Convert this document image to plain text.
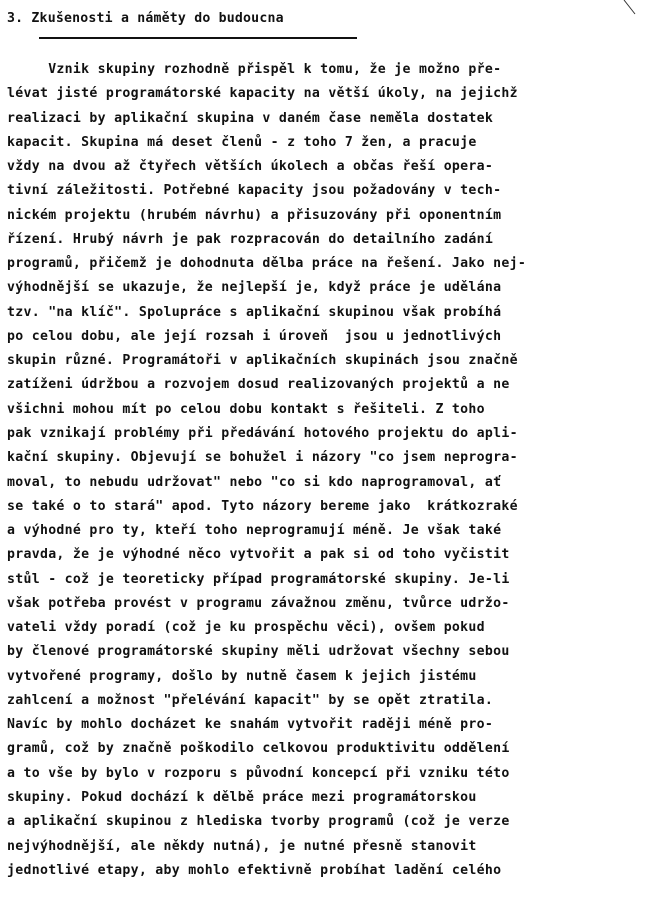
3. Zkušenosti a náměty do budoucna

Vznik skupiny rozhodně přispěl k tomu, že je možno pře-
lévat jisté programátorské kapacity na větší úkoly, na jejichž
realizaci by aplikační skupina v daném čase neměla dostatek
kapacit. Skupina má deset členů - z toho 7 žen, a pracuje
vždy na dvou až čtyřech větších úkolech a občas řeší opera-
tivní záležitosti. Potřebné kapacity jsou požadovány v tech-
nickém projektu (hrubém návrhu) a přisuzovány při oponentním
řízení. Hrubý návrh je pak rozpracován do detailního zadání
programů, přičemž je dohodnuta dělba práce na řešení. Jako nej-
výhodnější se ukazuje, že nejlepší je, když práce je udělána
tzv. "na klíč". Spolupráce s aplikační skupinou však probíhá
po celou dobu, ale její rozsah i úroveň  jsou u jednotlivých
skupin různé. Programátoři v aplikačních skupinách jsou značně
zatíženi údržbou a rozvojem dosud realizovaných projektů a ne
všichni mohou mít po celou dobu kontakt s řešiteli. Z toho
pak vznikají problémy při předávání hotového projektu do apli-
kační skupiny. Objevují se bohužel i názory "co jsem neprogra-
moval, to nebudu udržovat" nebo "co si kdo naprogramoval, ať
se také o to stará" apod. Tyto názory bereme jako  krátkozraké
a výhodné pro ty, kteří toho neprogramují méně. Je však také
pravda, že je výhodné něco vytvořit a pak si od toho vyčistit
stůl - což je teoreticky případ programátorské skupiny. Je-li
však potřeba provést v programu závažnou změnu, tvůrce udržo-
vateli vždy poradí (což je ku prospěchu věci), ovšem pokud
by členové programátorské skupiny měli udržovat všechny sebou
vytvořené programy, došlo by nutně časem k jejich jistému
zahlcení a možnost "přelévání kapacit" by se opět ztratila.
Navíc by mohlo docházet ke snahám vytvořit raději méně pro-
gramů, což by značně poškodilo celkovou produktivitu oddělení
a to vše by bylo v rozporu s původní koncepcí při vzniku této
skupiny. Pokud dochází k dělbě práce mezi programátorskou
a aplikační skupinou z hlediska tvorby programů (což je verze
nejvýhodnější, ale někdy nutná), je nutné přesně stanovit
jednotlivé etapy, aby mohlo efektivně probíhat ladění celého
